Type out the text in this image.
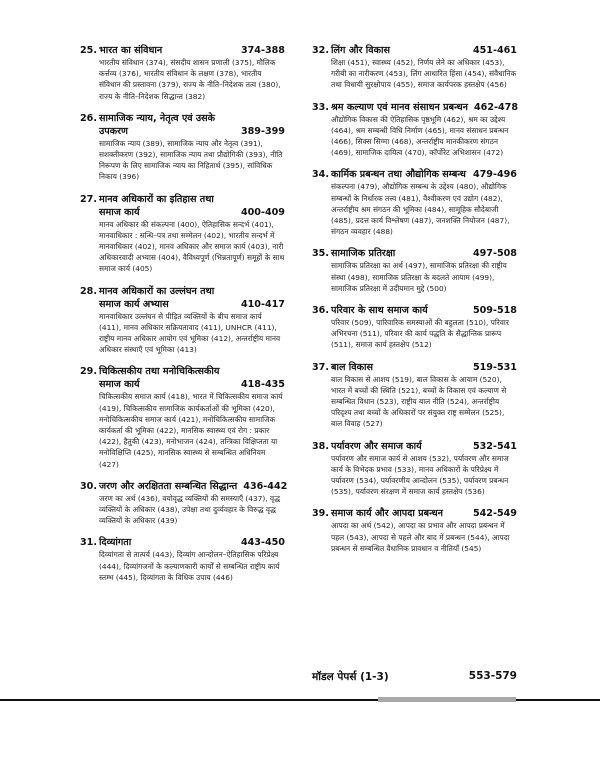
25. भारत का संविधान	374-388
भारतीय संविधान (374), संसदीय शासन प्रणाली (375), मौलिक कर्त्तव्य (376), भारतीय संविधान के लक्षण (378), भारतीय संविधान की प्रस्तावना (379), राज्य के नीति–निदेशक तत्व (380), राज्य के नीति–निदेशक सिद्धान्त (382)
26. सामाजिक न्याय, नेतृत्व एवं उसके
उपकरण	389-399
सामाजिक न्याय (389), सामाजिक न्याय और नेतृत्व (391), सशक्तीकरण (392), सामाजिक न्याय तथा प्रौद्योगिकी (393), नीति निरूपण के लिए सामाजिक न्याय का निहितार्थ (395), सांविधिक निकाय (396)
27. मानव अधिकारों का इतिहास तथा
समाज कार्य	400-409
मानव अधिकार की संकल्पना (400), ऐतिहासिक सन्दर्भ (401), मानवाधिकार : सन्धि–पत्र तथा सम्मेलन (402), भारतीय सन्दर्भ में मानवाधिकार (402), मानव अधिकार और समाज कार्य (403), नारी अधिकारवादी अभ्यास (404), वैविध्यपूर्ण (भिन्नतापूर्ण) समूहों के साथ समाज कार्य (405)
28. मानव अधिकारों का उल्लंघन तथा
समाज कार्य अभ्यास	410-417
मानवाधिकार उल्लंघन से पीड़ित व्यक्तियों के बीच समाज कार्य (411), मानव अधिकार सक्रियतावाद (411), UNHCR (411), राष्ट्रीय मानव अधिकार आयोग एवं भूमिका (412), अन्तर्राष्ट्रीय मानव अधिकार संस्थाएँ एवं भूमिका (413)
29. चिकित्सकीय तथा मनोचिकित्सकीय
समाज कार्य	418-435
चिकित्सकीय समाज कार्य (418), भारत में चिकित्सकीय समाज कार्य (419), चिकित्सकीय सामाजिक कार्यकर्ताओं की भूमिका (420), मनोचिकित्सकीय समाज कार्य (421), मनोचिकित्सकीय सामाजिक कार्यकर्ता की भूमिका (422), मानसिक स्वास्थ्य एवं रोग : प्रकार (422), हैतुकी (423), मनोभाजन (424), तन्त्रिका विक्षिप्तता या मनोविक्षिप्ति (425), मानसिक स्वास्थ्य से सम्बन्धित अधिनियम (427)
30. जरण और अरक्षितता सम्बन्धित सिद्धान्त 436-442
जरण का अर्थ (436), वयोवृद्ध व्यक्तियों की समस्याएँ (437), वृद्ध व्यक्तियों के अधिकार (438), उपेक्षा तथा दुर्व्यवहार के विरुद्ध वृद्ध व्यक्तियों के अधिकार (439)
31. दिव्यांगता	443-450
दिव्यांगता से तात्पर्य (443), दिव्यांग आन्दोलन–ऐतिहासिक परिप्रेक्ष्य (444), दिव्यांगजनों के कल्याणकारी कार्यों से सम्बन्धित राष्ट्रीय कार्य स्तम्भ (445), दिव्यांगता के विधिक उपाय (446)
32. लिंग और विकास	451-461
शिक्षा (451), स्वास्थ्य (452), निर्णय लेने का अधिकार (453), गरीबी का नारीकरण (453), लिंग आधारित हिंसा (454), संवैधानिक तथा विधायी सुरक्षोपाय (455), समाज कार्यपरक हस्तक्षेप (456)
33. श्रम कल्याण एवं मानव संसाधन प्रबन्धन 462-478
औद्योगिक विकास की ऐतिहासिक पृष्ठभूमि (462), श्रम का उद्देश्य (464), श्रम सम्बन्धी विधि निर्माण (465), मानव संसाधन प्रबन्धन (466), सिक्स सिग्मा (468), अन्तर्राष्ट्रीय मानकीकरण संगठन (469), सामाजिक दायित्व (470), कॉर्पोरेट अभिशासन (472)
34. कार्मिक प्रबन्धन तथा औद्योगिक सम्बन्ध 479-496
संकल्पना (479), औद्योगिक सम्बन्ध के उद्देश्य (480), औद्योगिक सम्बन्धों के निर्धारक तत्त्व (481), वैश्वीकरण एवं उद्योग (482), अन्तर्राष्ट्रीय श्रम संगठन की भूमिका (484), सामूहिक सौदेबाजी (485), प्रदत्त कार्य विश्लेषण (487), जनशक्ति नियोजन (487), संगठन व्यवहार (488)
35. सामाजिक प्रतिरक्षा	497-508
सामाजिक प्रतिरक्षा का अर्थ (497), सामाजिक प्रतिरक्षा की राष्ट्रीय संस्था (498), सामाजिक प्रतिरक्षा के बदलते आयाम (499), सामाजिक प्रतिरक्षा में उदीयमान मुद्दे (500)
36. परिवार के साथ समाज कार्य	509-518
परिवार (509), पारिवारिक समस्याओं की बहुलता (510), परिवार अभिरचना (511), परिवार की कार्य पद्धति के सैद्धान्तिक प्रारूप (511), समाज कार्य हस्तक्षेप (512)
37. बाल विकास	519-531
बाल विकास से आशय (519), बाल विकास के आयाम (520), भारत में बच्चों की स्थिति (521), बच्चों के विकास एवं कल्याण से सम्बन्धित विधान (523), राष्ट्रीय बाल नीति (524), अन्तर्राष्ट्रीय परिदृश्य तथा बच्चों के अधिकारों पर संयुक्त राष्ट्र सम्मेलन (525), बाल विवाह (527)
38. पर्यावरण और समाज कार्य	532-541
पर्यावरण और समाज कार्य से आशय (532), पर्यावरण और समाज कार्य के विभेदक प्रभाव (533), मानव अधिकारों के परिप्रेक्ष्य में पर्यावरण (534), पर्यावरणीय आन्दोलन (535), पर्यावरण प्रबन्धन (535), पर्यावरण संरक्षण में समाज कार्य हस्तक्षेप (536)
39. समाज कार्य और आपदा प्रबन्धन	542-549
आपदा का अर्थ (542), आपदा का प्रभाव और आपदा प्रबन्धन में पहल (543), आपदा से पहले और बाद में प्रबन्धन (544), आपदा प्रबन्धन से सम्बन्धित वैधानिक प्रावधान व नीतियाँ (545)
मॉडल पेपर्स (1-3)	553-579
